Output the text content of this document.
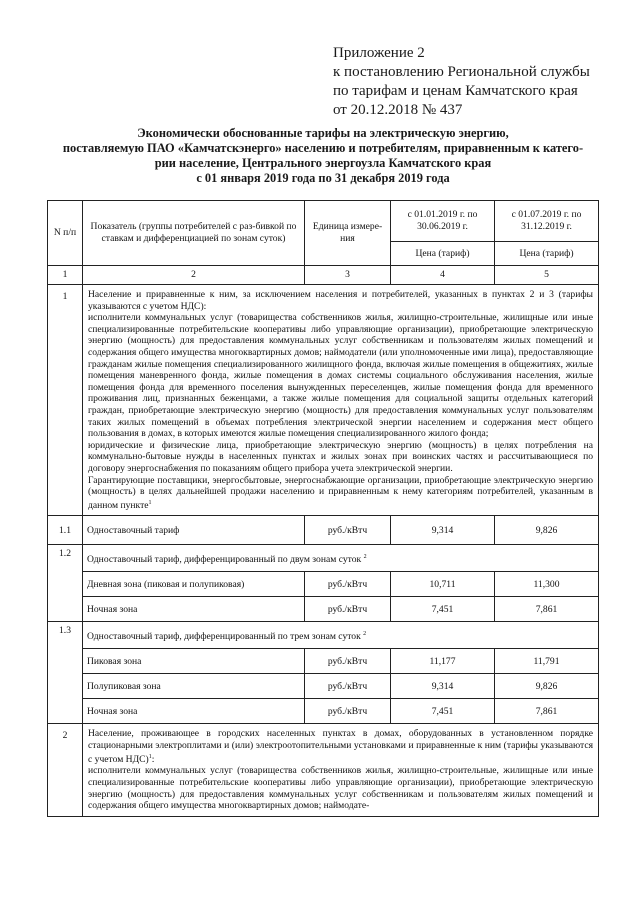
Приложение 2
к постановлению Региональной службы
по тарифам и ценам Камчатского края
от 20.12.2018 № 437
Экономически обоснованные тарифы на электрическую энергию,
поставляемую ПАО «Камчатскэнерго» населению и потребителям, приравненным к катего-
рии население, Центрального энергоузла Камчатского края
с 01 января 2019 года по 31 декабря 2019 года
N п/п	Показатель (группы потребителей с раз-бивкой по ставкам и дифференциацией по зонам суток)	Единица измере-ния	с 01.01.2019 г. по 30.06.2019 г.	с 01.07.2019 г. по 31.12.2019 г.
			Цена (тариф)	Цена (тариф)
1	2	3	4	5
1	Население и приравненные к ним, за исключением населения и потребителей, указанных в пунктах 2 и 3 (тарифы указываются с учетом НДС):

исполнители коммунальных услуг (товарищества собственников жилья, жилищно-строительные, жилищные или иные специализированные потребительские кооперативы либо управляющие организации), приобретающие электрическую энергию (мощность) для предоставления коммунальных услуг собственникам и пользователям жилых помещений и содержания общего имущества многоквартирных домов; наймодатели (или уполномоченные ими лица), предоставляющие гражданам жилые помещения специализированного жилищного фонда, включая жилые помещения в общежитиях, жилые помещения маневренного фонда, жилые помещения в домах системы социального обслуживания населения, жилые помещения фонда для временного поселения вынужденных переселенцев, жилые помещения фонда для временного проживания лиц, признанных беженцами, а также жилые помещения для социальной защиты отдельных категорий граждан, приобретающие электрическую энергию (мощность) для предоставления коммунальных услуг пользователям таких жилых помещений в объемах потребления электрической энергии населением и содержания мест общего пользования в домах, в которых имеются жилые помещения специализированного жилого фонда;

юридические и физические лица, приобретающие электрическую энергию (мощность) в целях потребления на коммунально-бытовые нужды в населенных пунктах и жилых зонах при воинских частях и рассчитывающиеся по договору энергоснабжения по показаниям общего прибора учета электрической энергии.

Гарантирующие поставщики, энергосбытовые, энергоснабжающие организации, приобретающие электрическую энергию (мощность) в целях дальнейшей продажи населению и приравненным к нему категориям потребителей, указанным в данном пункте$^1$

1.1	Одноставочный тариф	руб./кВтч	9,314	9,826
1.2	Одноставочный тариф, дифференцированный по двум зонам суток $^2$
	Дневная зона (пиковая и полупиковая)	руб./кВтч	10,711	11,300
	Ночная зона	руб./кВтч	7,451	7,861
1.3	Одноставочный тариф, дифференцированный по трем зонам суток $^2$
	Пиковая зона	руб./кВтч	11,177	11,791
	Полупиковая зона	руб./кВтч	9,314	9,826
	Ночная зона	руб./кВтч	7,451	7,861
2	Население, проживающее в городских населенных пунктах в домах, оборудованных в установленном порядке стационарными электроплитами и (или) электроотопительными установками и приравненные к ним (тарифы указываются с учетом НДС)$^1$:

исполнители коммунальных услуг (товарищества собственников жилья, жилищно-строительные, жилищные или иные специализированные потребительские кооперативы либо управляющие организации), приобретающие электрическую энергию (мощность) для предоставления коммунальных услуг собственникам и пользователям жилых помещений и содержания общего имущества многоквартирных домов; наймодате-			
